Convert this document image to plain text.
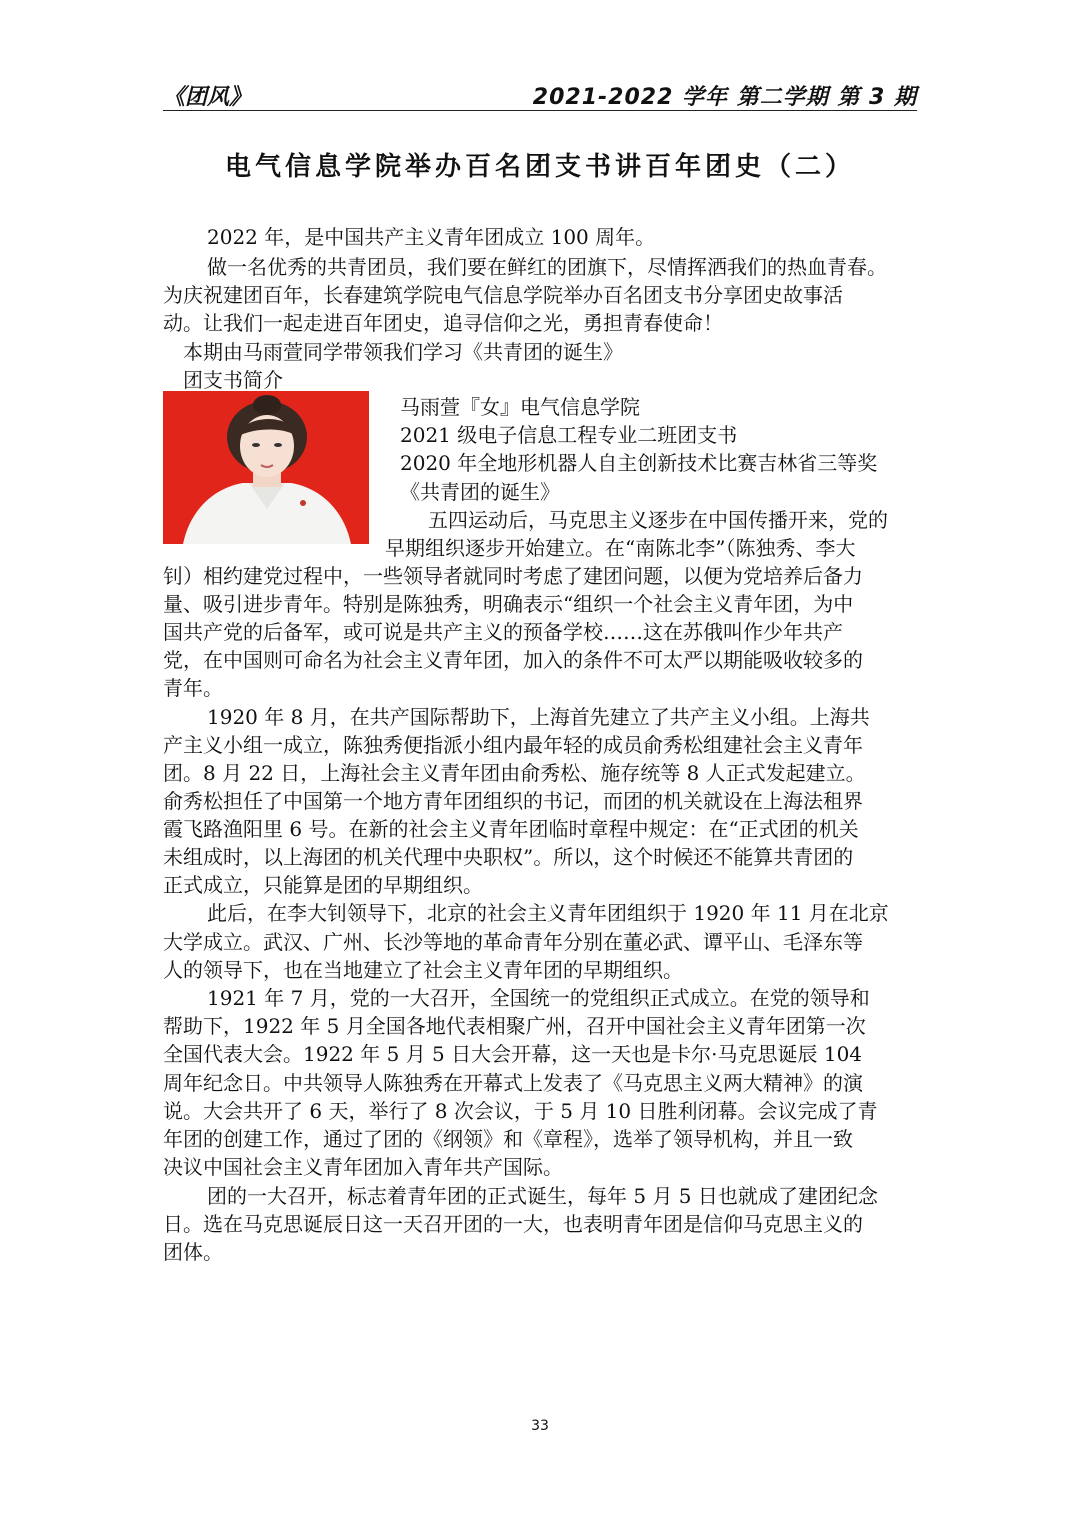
《团风》	2021-2022 学年 第二学期 第 3 期
电气信息学院举办百名团支书讲百年团史（二）
2022 年，是中国共产主义青年团成立 100 周年。
做一名优秀的共青团员，我们要在鲜红的团旗下，尽情挥洒我们的热血青春。
为庆祝建团百年，长春建筑学院电气信息学院举办百名团支书分享团史故事活
动。让我们一起走进百年团史，追寻信仰之光，勇担青春使命！
本期由马雨萱同学带领我们学习《共青团的诞生》
团支书简介
马雨萱『女』电气信息学院
2021 级电子信息工程专业二班团支书
2020 年全地形机器人自主创新技术比赛吉林省三等奖
《共青团的诞生》
五四运动后，马克思主义逐步在中国传播开来，党的
早期组织逐步开始建立。在“南陈北李”（陈独秀、李大
钊）相约建党过程中，一些领导者就同时考虑了建团问题，以便为党培养后备力
量、吸引进步青年。特别是陈独秀，明确表示“组织一个社会主义青年团，为中
国共产党的后备军，或可说是共产主义的预备学校……这在苏俄叫作少年共产
党，在中国则可命名为社会主义青年团，加入的条件不可太严以期能吸收较多的
青年。
1920 年 8 月，在共产国际帮助下，上海首先建立了共产主义小组。上海共
产主义小组一成立，陈独秀便指派小组内最年轻的成员俞秀松组建社会主义青年
团。8 月 22 日，上海社会主义青年团由俞秀松、施存统等 8 人正式发起建立。
俞秀松担任了中国第一个地方青年团组织的书记，而团的机关就设在上海法租界
霞飞路渔阳里 6 号。在新的社会主义青年团临时章程中规定：在“正式团的机关
未组成时，以上海团的机关代理中央职权”。所以，这个时候还不能算共青团的
正式成立，只能算是团的早期组织。
此后，在李大钊领导下，北京的社会主义青年团组织于 1920 年 11 月在北京
大学成立。武汉、广州、长沙等地的革命青年分别在董必武、谭平山、毛泽东等
人的领导下，也在当地建立了社会主义青年团的早期组织。
1921 年 7 月，党的一大召开，全国统一的党组织正式成立。在党的领导和
帮助下，1922 年 5 月全国各地代表相聚广州，召开中国社会主义青年团第一次
全国代表大会。1922 年 5 月 5 日大会开幕，这一天也是卡尔·马克思诞辰 104
周年纪念日。中共领导人陈独秀在开幕式上发表了《马克思主义两大精神》的演
说。大会共开了 6 天，举行了 8 次会议，于 5 月 10 日胜利闭幕。会议完成了青
年团的创建工作，通过了团的《纲领》和《章程》，选举了领导机构，并且一致
决议中国社会主义青年团加入青年共产国际。
团的一大召开，标志着青年团的正式诞生，每年 5 月 5 日也就成了建团纪念
日。选在马克思诞辰日这一天召开团的一大，也表明青年团是信仰马克思主义的
团体。
33
